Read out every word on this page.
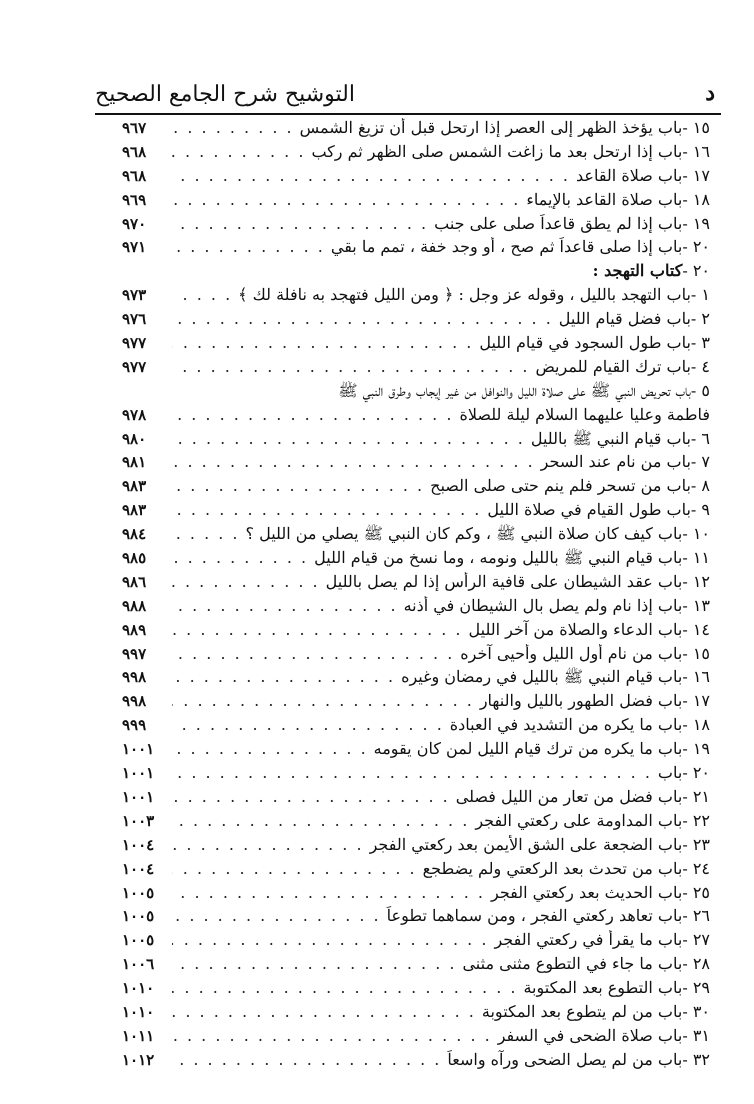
د
التوشيح شرح الجامع الصحيح
١٥ -
باب يؤخذ الظهر إلى العصر إذا ارتحل قبل أن تزيغ الشمس
. . .
٩٦٧
١٦ -
باب إذا ارتحل بعد ما زاغت الشمس صلى الظهر ثم ركب
. . .
٩٦٨
١٧ -
باب صلاة القاعد
. . .
٩٦٨
١٨ -
باب صلاة القاعد بالإيماء
. . .
٩٦٩
١٩ -
باب إذا لم يطق قاعداً صلى على جنب
. . .
٩٧٠
٢٠ -
باب إذا صلى قاعداً ثم صح ، أو وجد خفة ، تمم ما بقي
. . .
٩٧١
٢٠ -
كتاب التهجد :
١ -
باب التهجد بالليل ، وقوله عز وجل : ﴿ ومن الليل فتهجد به نافلة لك ﴾
. . .
٩٧٣
٢ -
باب فضل قيام الليل
. . .
٩٧٦
٣ -
باب طول السجود في قيام الليل
. . .
٩٧٧
٤ -
باب ترك القيام للمريض
. . .
٩٧٧
٥ -
باب تحريض النبي ﷺ على صلاة الليل والنوافل من غير إيجاب وطرق النبي ﷺ
فاطمة وعليا عليهما السلام ليلة للصلاة
. . .
٩٧٨
٦ -
باب قيام النبي ﷺ بالليل
. . .
٩٨٠
٧ -
باب من نام عند السحر
. . .
٩٨١
٨ -
باب من تسحر فلم ينم حتى صلى الصبح
. . .
٩٨٣
٩ -
باب طول القيام في صلاة الليل
. . .
٩٨٣
١٠ -
باب كيف كان صلاة النبي ﷺ ، وكم كان النبي ﷺ يصلي من الليل ؟
. . .
٩٨٤
١١ -
باب قيام النبي ﷺ بالليل ونومه ، وما نسخ من قيام الليل
. . .
٩٨٥
١٢ -
باب عقد الشيطان على قافية الرأس إذا لم يصل بالليل
. . .
٩٨٦
١٣ -
باب إذا نام ولم يصل بال الشيطان في أذنه
. . .
٩٨٨
١٤ -
باب الدعاء والصلاة من آخر الليل
. . .
٩٨٩
١٥ -
باب من نام أول الليل وأحيى آخره
. . .
٩٩٧
١٦ -
باب قيام النبي ﷺ بالليل في رمضان وغيره
. . .
٩٩٨
١٧ -
باب فضل الطهور بالليل والنهار
. . .
٩٩٨
١٨ -
باب ما يكره من التشديد في العبادة
. . .
٩٩٩
١٩ -
باب ما يكره من ترك قيام الليل لمن كان يقومه
. . .
١٠٠١
٢٠ -
باب
. . .
١٠٠١
٢١ -
باب فضل من تعار من الليل فصلى
. . .
١٠٠١
٢٢ -
باب المداومة على ركعتي الفجر
. . .
١٠٠٣
٢٣ -
باب الضجعة على الشق الأيمن بعد ركعتي الفجر
. . .
١٠٠٤
٢٤ -
باب من تحدث بعد الركعتي ولم يضطجع
. . .
١٠٠٤
٢٥ -
باب الحديث بعد ركعتي الفجر
. . .
١٠٠٥
٢٦ -
باب تعاهد ركعتي الفجر ، ومن سماهما تطوعاً
. . .
١٠٠٥
٢٧ -
باب ما يقرأ في ركعتي الفجر
. . .
١٠٠٥
٢٨ -
باب ما جاء في التطوع مثنى مثنى
. . .
١٠٠٦
٢٩ -
باب التطوع بعد المكتوبة
. . .
١٠١٠
٣٠ -
باب من لم يتطوع بعد المكتوبة
. . .
١٠١٠
٣١ -
باب صلاة الضحى في السفر
. . .
١٠١١
٣٢ -
باب من لم يصل الضحى ورآه واسعاً
. . .
١٠١٢
